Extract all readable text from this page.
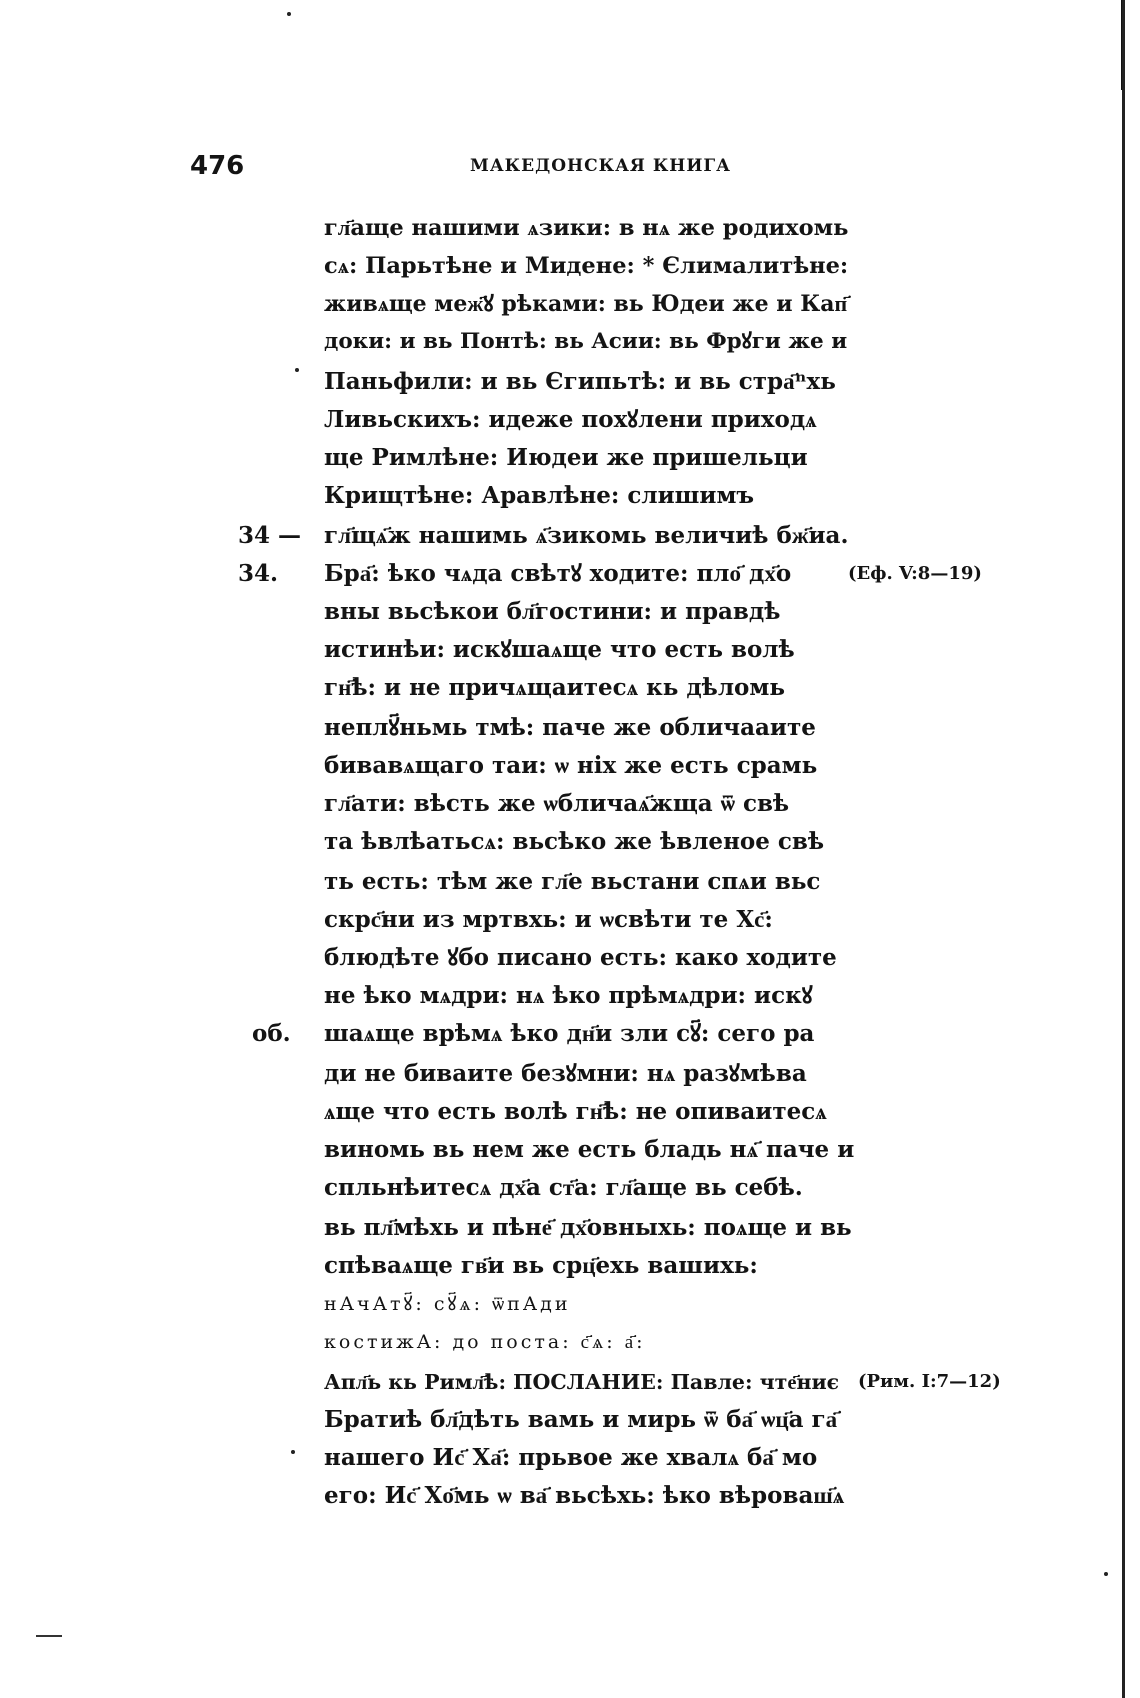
476	МАКЕДОНСКАЯ КНИГА
34 —
34.
об.
(Еф. V:8—19)
(Рим. I:7—12)
гл҃аще нашими ѧзики: в нѧ же родихомь
сѧ: Парьтѣне и Мидене: * Єлималитѣне:
живѧще меж҃ꙋ рѣками: вь Юдеи же и Кап҃
доки: и вь Понтѣ: вь Асии: вь Фрꙋги же и
Паньфили: и вь Єгипьтѣ: и вь стра҃ⁿхь
Ливьскихъ: идеже похꙋлени приходѧ
ще Римлѣне: Июдеи же пришельци
Крищтѣне: Аравлѣне: слишимъ
гл҃щѧ҃ж нашимь ѧ҃зикомь величиѣ бж҃иа.
Бра҃: ѣко чѧда свѣтꙋ ходите: пло҃ дх҃о
вны вьсѣкои бл҃гостини: и правдѣ
истинѣи: искꙋшаѧще что есть волѣ
гн҃ѣ: и не причѧщаитесѧ кь дѣломь
неплꙋ҃ньмь тмѣ: паче же обличааите
бивавѧщаго таи: ѡ ніх же есть срамь
гл҃ати: вѣсть же ѡбличаѧ҃жща ѿ свѣ
та ѣвлѣатьсѧ: вьсѣко же ѣвленое свѣ
ть есть: тѣм же гл҃е вьстани спѧи вьс
скрс҃ни из мртвхь: и ѡсвѣти те Хс҃:
блюдѣте ꙋбо писано есть: како ходите
не ѣко мѧдри: нѧ ѣко прѣмѧдри: искꙋ
шаѧще врѣмѧ ѣко дн҃и зли сꙋ҃: сего ра
ди не биваите безꙋмни: нѧ разꙋмѣва
ѧще что есть волѣ гн҃ѣ: не опиваитесѧ
виномь вь нем же есть бладь нѧ҃ паче и
спльнѣитесѧ дх҃а ст҃а: гл҃аще вь себѣ.
вь пл҃мѣхь и пѣне҃ дх҃овныхь: поѧще и вь
спѣваѧще гв҃и вь срц҃ехь вашихь:
нАчАтꙋ҃: сꙋ҃ѧ: ѿпАди
костижА: до поста: с҃ѧ: а҃:
Апл҃ь кь Римл҃ѣ: ПОСЛАНИЕ: Павле: чте҃ниє
Братиѣ бл҃дѣть вамь и мирь ѿ ба҃ ѡц҃а га҃
нашего Ис҃ Ха҃: прьвое же хвалѧ ба҃ мо
его: Ис҃ Хо҃мь ѡ ва҃ вьсѣхь: ѣко вѣроваш҃ѧ
